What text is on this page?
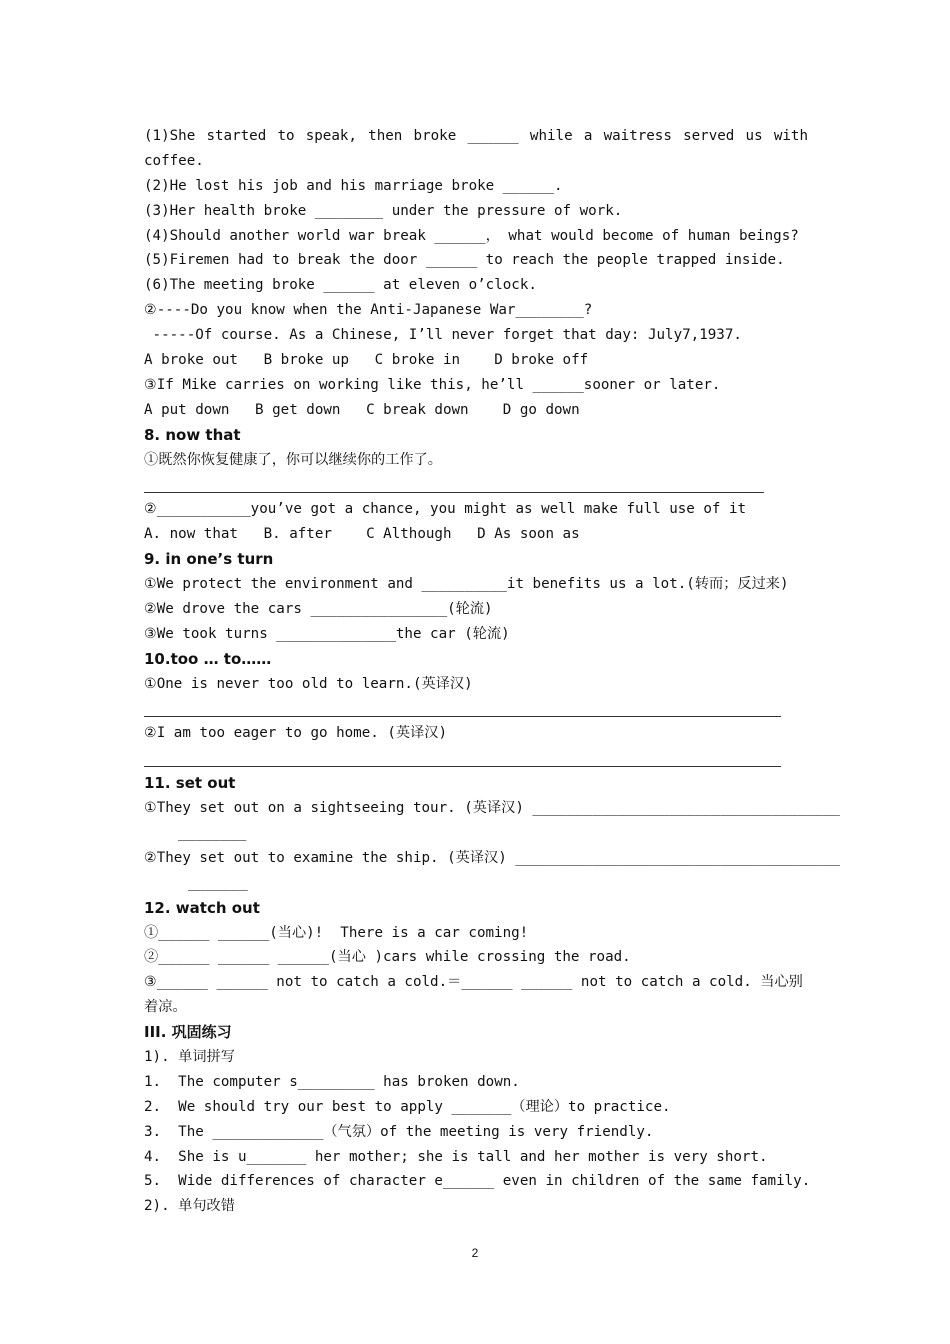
(1)She started to speak, then broke ______ while a waitress served us with
coffee.
(2)He lost his job and his marriage broke ______.
(3)Her health broke ________ under the pressure of work.
(4)Should another world war break ______， what would become of human beings?
(5)Firemen had to break the door ______ to reach the people trapped inside.
(6)The meeting broke ______ at eleven o’clock.
②----Do you know when the Anti-Japanese War________?
-----Of course. As a Chinese, I’ll never forget that day: July7,1937.
A broke out   B broke up   C broke in    D broke off
③If Mike carries on working like this, he’ll ______sooner or later.
A put down   B get down   C break down    D go down
8. now that
①既然你恢复健康了，你可以继续你的工作了。
②___________you’ve got a chance, you might as well make full use of it
A. now that   B. after    C Although   D As soon as
9. in one’s turn
①We protect the environment and __________it benefits us a lot.(转而；反过来)
②We drove the cars ________________(轮流)
③We took turns ______________the car (轮流)
10.too … to……
①One is never too old to learn.(英译汉)
②I am too eager to go home. (英译汉)
11. set out
①They set out on a sightseeing tour. (英译汉) ____________________________________
________
②They set out to examine the ship. (英译汉) ______________________________________
_______
12. watch out
①______ ______(当心)!  There is a car coming!
②______ ______ ______(当心 )cars while crossing the road.
③______ ______ not to catch a cold.＝______ ______ not to catch a cold. 当心别着凉。
III. 巩固练习
1). 单词拼写
1.  The computer s_________ has broken down.
2.  We should try our best to apply _______（理论）to practice.
3.  The _____________（气氛）of the meeting is very friendly.
4.  She is u_______ her mother; she is tall and her mother is very short.
5.  Wide differences of character e______ even in children of the same family.
2). 单句改错
2
